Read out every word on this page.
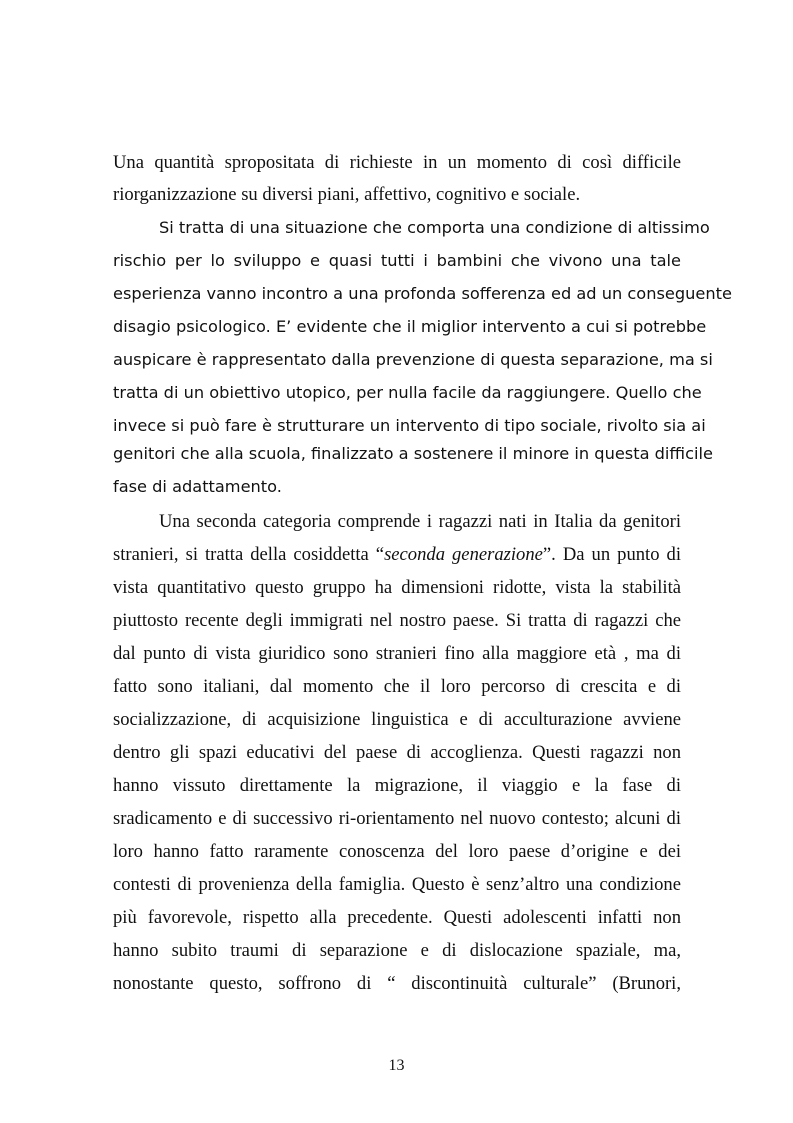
Una quantità spropositata di richieste in un momento di così difficile
riorganizzazione su diversi piani, affettivo, cognitivo e sociale.
Si tratta di una situazione che comporta una condizione di altissimo
rischio per lo sviluppo e quasi tutti i bambini che vivono una tale
esperienza vanno incontro a una profonda sofferenza ed ad un conseguente
disagio psicologico. E’ evidente che il miglior intervento a cui si potrebbe
auspicare è rappresentato dalla prevenzione di questa separazione, ma si
tratta di un obiettivo utopico, per nulla facile da raggiungere. Quello che
invece si può fare è strutturare un intervento di tipo sociale, rivolto sia ai
genitori che alla scuola, finalizzato a sostenere il minore in questa difficile
fase di adattamento.
Una seconda categoria comprende i ragazzi nati in Italia da genitori
stranieri, si tratta della cosiddetta “seconda generazione”. Da un punto di
vista quantitativo questo gruppo ha dimensioni ridotte, vista la stabilità
piuttosto recente degli immigrati nel nostro paese. Si tratta di ragazzi che
dal punto di vista giuridico sono stranieri fino alla maggiore età , ma di
fatto sono italiani, dal momento che il loro percorso di crescita e di
socializzazione, di acquisizione linguistica e di acculturazione avviene
dentro gli spazi educativi del paese di accoglienza. Questi ragazzi non
hanno vissuto direttamente la migrazione, il viaggio e la fase di
sradicamento e di successivo ri-orientamento nel nuovo contesto; alcuni di
loro hanno fatto raramente conoscenza del loro paese d’origine e dei
contesti di provenienza della famiglia. Questo è senz’altro una condizione
più favorevole, rispetto alla precedente. Questi adolescenti infatti non
hanno subito traumi di separazione e di dislocazione spaziale, ma,
nonostante questo, soffrono di “ discontinuità culturale” (Brunori,
13
